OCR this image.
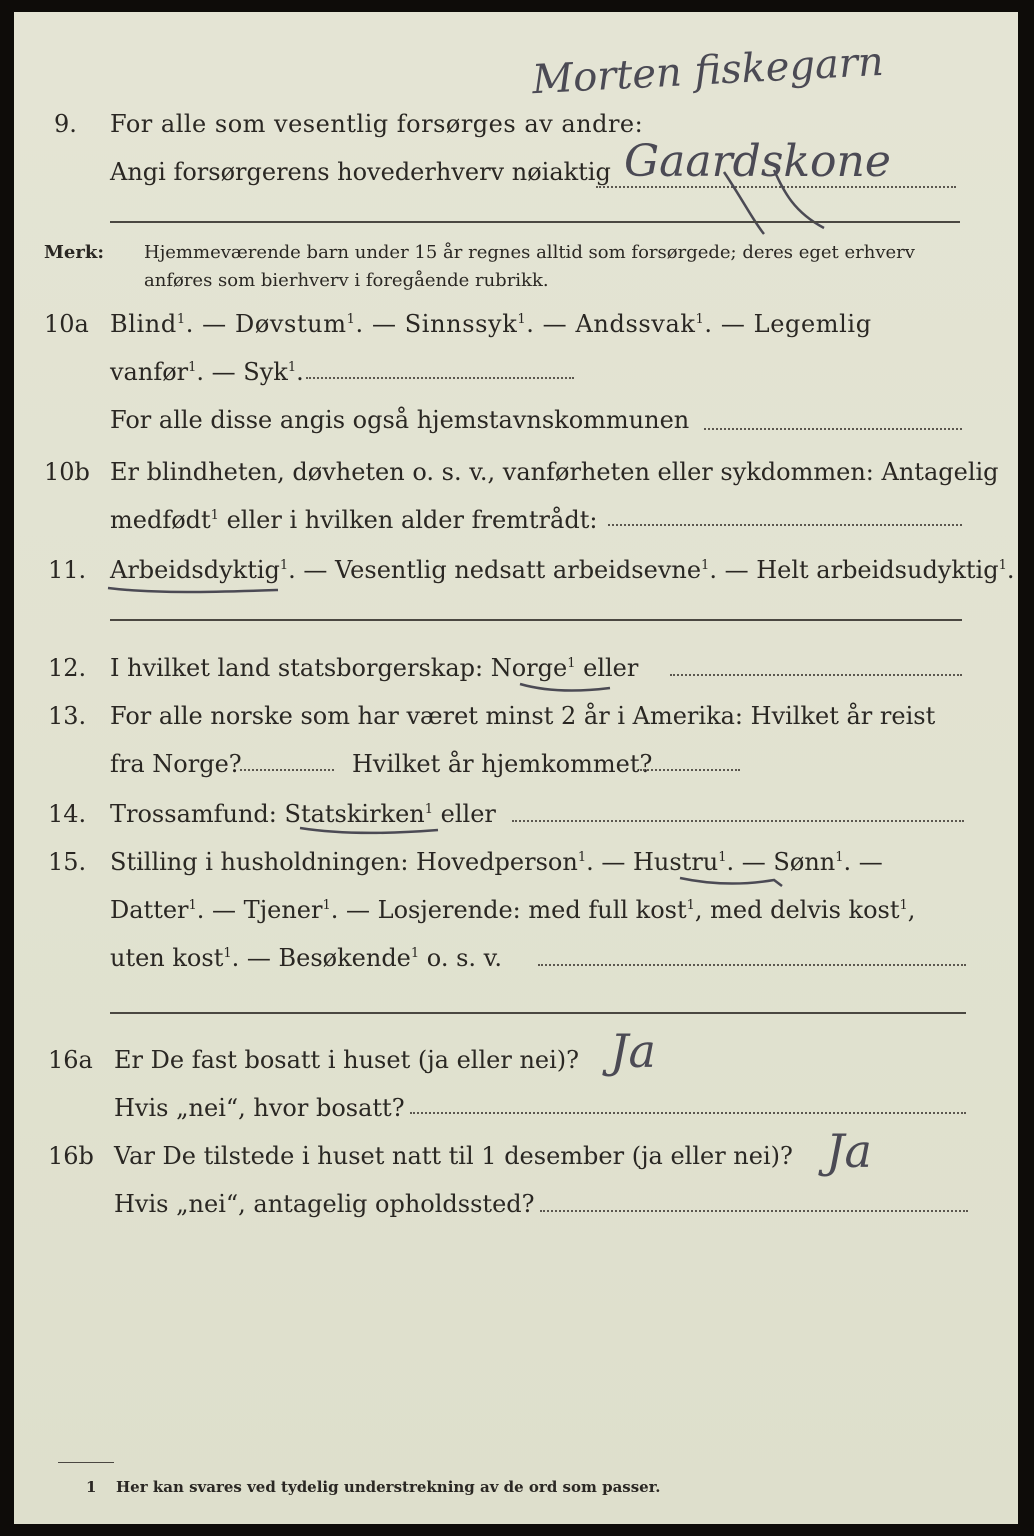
Morten fiskegarn
9. For alle som vesentlig forsørges av andre:
Angi forsørgerens hovederhverv nøiaktig Gaardskone
Merk: Hjemmeværende barn under 15 år regnes alltid som forsørgede; deres eget erhverv
anføres som bierhverv i foregående rubrikk.
10a Blind$^1$. — Døvstum$^1$. — Sinnssyk$^1$. — Andssvak$^1$. — Legemlig
vanfør$^1$. — Syk$^1$.
For alle disse angis også hjemstavnskommunen
10b Er blindheten, døvheten o. s. v., vanførheten eller sykdommen: Antagelig
medfødt$^1$ eller i hvilken alder fremtrådt:
11. Arbeidsdyktig$^1$. — Vesentlig nedsatt arbeidsevne$^1$. — Helt arbeidsudyktig$^1$.
12. I hvilket land statsborgerskap: Norge$^1$ eller
13. For alle norske som har været minst 2 år i Amerika: Hvilket år reist
fra Norge?	Hvilket år hjemkommet?
14. Trossamfund: Statskirken$^1$ eller
15. Stilling i husholdningen: Hovedperson$^1$. — Hustru$^1$. — Sønn$^1$. —
Datter$^1$. — Tjener$^1$. — Losjerende: med full kost$^1$, med delvis kost$^1$,
uten kost$^1$. — Besøkende$^1$ o. s. v.
16a Er De fast bosatt i huset (ja eller nei)? Ja
Hvis „nei“, hvor bosatt?
16b Var De tilstede i huset natt til 1 desember (ja eller nei)? Ja
Hvis „nei“, antagelig opholdssted?
1 Her kan svares ved tydelig understrekning av de ord som passer.
